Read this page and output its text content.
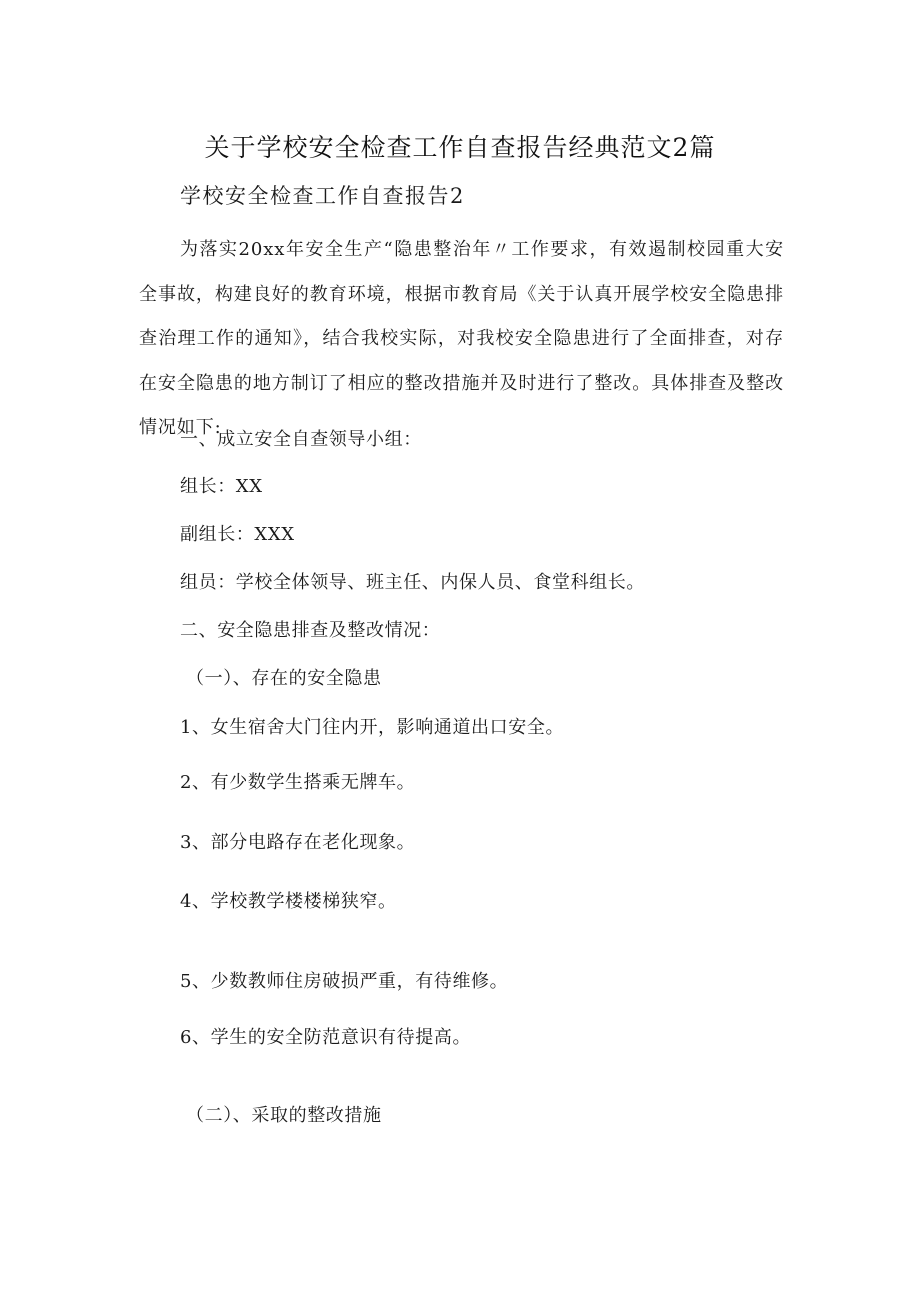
关于学校安全检查工作自查报告经典范文2篇
学校安全检查工作自查报告2
为落实20xx年安全生产“隐患整治年〃工作要求，有效遏制校园重大安全事故，构建良好的教育环境，根据市教育局《关于认真开展学校安全隐患排查治理工作的通知》，结合我校实际，对我校安全隐患进行了全面排查，对存在安全隐患的地方制订了相应的整改措施并及时进行了整改。具体排查及整改情况如下:
一、成立安全自查领导小组：
组长：XX
副组长：XXX
组员：学校全体领导、班主任、内保人员、食堂科组长。
二、安全隐患排查及整改情况：
（一）、存在的安全隐患
1、女生宿舍大门往内开，影响通道出口安全。
2、有少数学生搭乘无牌车。
3、部分电路存在老化现象。
4、学校教学楼楼梯狭窄。
5、少数教师住房破损严重，有待维修。
6、学生的安全防范意识有待提高。
（二）、采取的整改措施
